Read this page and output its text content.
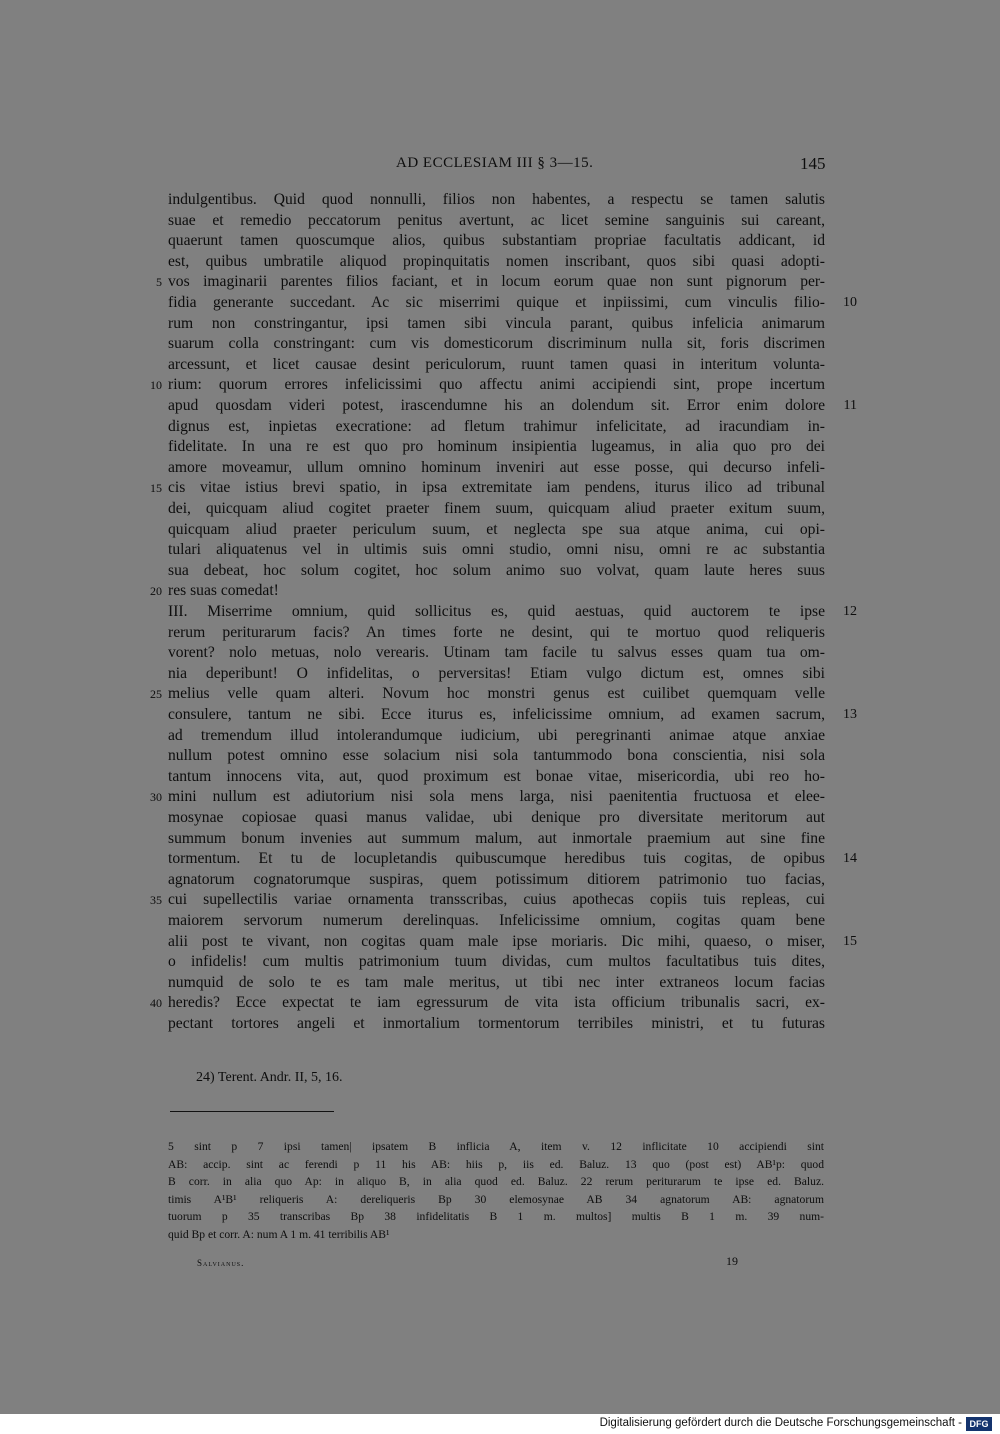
AD ECCLESIAM III § 3—15.	145
indulgentibus. Quid quod nonnulli, filios non habentes, a respectu se tamen salutis
suae et remedio peccatorum penitus avertunt, ac licet semine sanguinis sui careant,
quaerunt tamen quoscumque alios, quibus substantiam propriae facultatis addicant, id
est, quibus umbratile aliquod propinquitatis nomen inscribant, quos sibi quasi adopti-
vos imaginarii parentes filios faciant, et in locum eorum quae non sunt pignorum per-
5
fidia generante succedant. Ac sic miserrimi quique et inpiissimi, cum vinculis filio-	10
rum non constringantur, ipsi tamen sibi vincula parant, quibus infelicia animarum
suarum colla constringant: cum vis domesticorum discriminum nulla sit, foris discrimen
arcessunt, et licet causae desint periculorum, ruunt tamen quasi in interitum volunta-
rium: quorum errores infelicissimi quo affectu animi accipiendi sint, prope incertum
10
apud quosdam videri potest, irascendumne his an dolendum sit. Error enim dolore	11
dignus est, inpietas execratione: ad fletum trahimur infelicitate, ad iracundiam in-
fidelitate. In una re est quo pro hominum insipientia lugeamus, in alia quo pro dei
amore moveamur, ullum omnino hominum inveniri aut esse posse, qui decurso infeli-
cis vitae istius brevi spatio, in ipsa extremitate iam pendens, iturus ilico ad tribunal
15
dei, quicquam aliud cogitet praeter finem suum, quicquam aliud praeter exitum suum,
quicquam aliud praeter periculum suum, et neglecta spe sua atque anima, cui opi-
tulari aliquatenus vel in ultimis suis omni studio, omni nisu, omni re ac substantia
sua debeat, hoc solum cogitet, hoc solum animo suo volvat, quam laute heres suus
res suas comedat!
20
III. Miserrime omnium, quid sollicitus es, quid aestuas, quid auctorem te ipse	12
rerum periturarum facis? An times forte ne desint, qui te mortuo quod reliqueris
vorent? nolo metuas, nolo verearis. Utinam tam facile tu salvus esses quam tua om-
nia deperibunt! O infidelitas, o perversitas! Etiam vulgo dictum est, omnes sibi
melius velle quam alteri. Novum hoc monstri genus est cuilibet quemquam velle
25
consulere, tantum ne sibi. Ecce iturus es, infelicissime omnium, ad examen sacrum,	13
ad tremendum illud intolerandumque iudicium, ubi peregrinanti animae atque anxiae
nullum potest omnino esse solacium nisi sola tantummodo bona conscientia, nisi sola
tantum innocens vita, aut, quod proximum est bonae vitae, misericordia, ubi reo ho-
mini nullum est adiutorium nisi sola mens larga, nisi paenitentia fructuosa et elee-
30
mosynae copiosae quasi manus validae, ubi denique pro diversitate meritorum aut
summum bonum invenies aut summum malum, aut inmortale praemium aut sine fine
tormentum. Et tu de locupletandis quibuscumque heredibus tuis cogitas, de opibus	14
agnatorum cognatorumque suspiras, quem potissimum ditiorem patrimonio tuo facias,
cui supellectilis variae ornamenta transscribas, cuius apothecas copiis tuis repleas, cui
35
maiorem servorum numerum derelinquas. Infelicissime omnium, cogitas quam bene
alii post te vivant, non cogitas quam male ipse moriaris. Dic mihi, quaeso, o miser,	15
o infidelis! cum multis patrimonium tuum dividas, cum multos facultatibus tuis dites,
numquid de solo te es tam male meritus, ut tibi nec inter extraneos locum facias
heredis? Ecce expectat te iam egressurum de vita ista officium tribunalis sacri, ex-
40
pectant tortores angeli et inmortalium tormentorum terribiles ministri, et tu futuras
24) Terent. Andr. II, 5, 16.
5 sint p 7 ipsi tamen| ipsatem B inflicia A, item v. 12 inflicitate 10 accipiendi sint
AB: accip. sint ac ferendi p 11 his AB: hiis p, iis ed. Baluz. 13 quo (post est) AB¹p: quod
B corr. in alia quo Ap: in aliquo B, in alia quod ed. Baluz. 22 rerum periturarum te ipse ed. Baluz.
timis A¹B¹ reliqueris A: dereliqueris Bp 30 elemosynae AB 34 agnatorum AB: agnatorum
tuorum p 35 transcribas Bp 38 infidelitatis B 1 m. multos] multis B 1 m. 39 num-
quid Bp et corr. A: num A 1 m. 41 terribilis AB¹
Salvianus.	19
Digitalisierung gefördert durch die Deutsche Forschungsgemeinschaft - DFG
